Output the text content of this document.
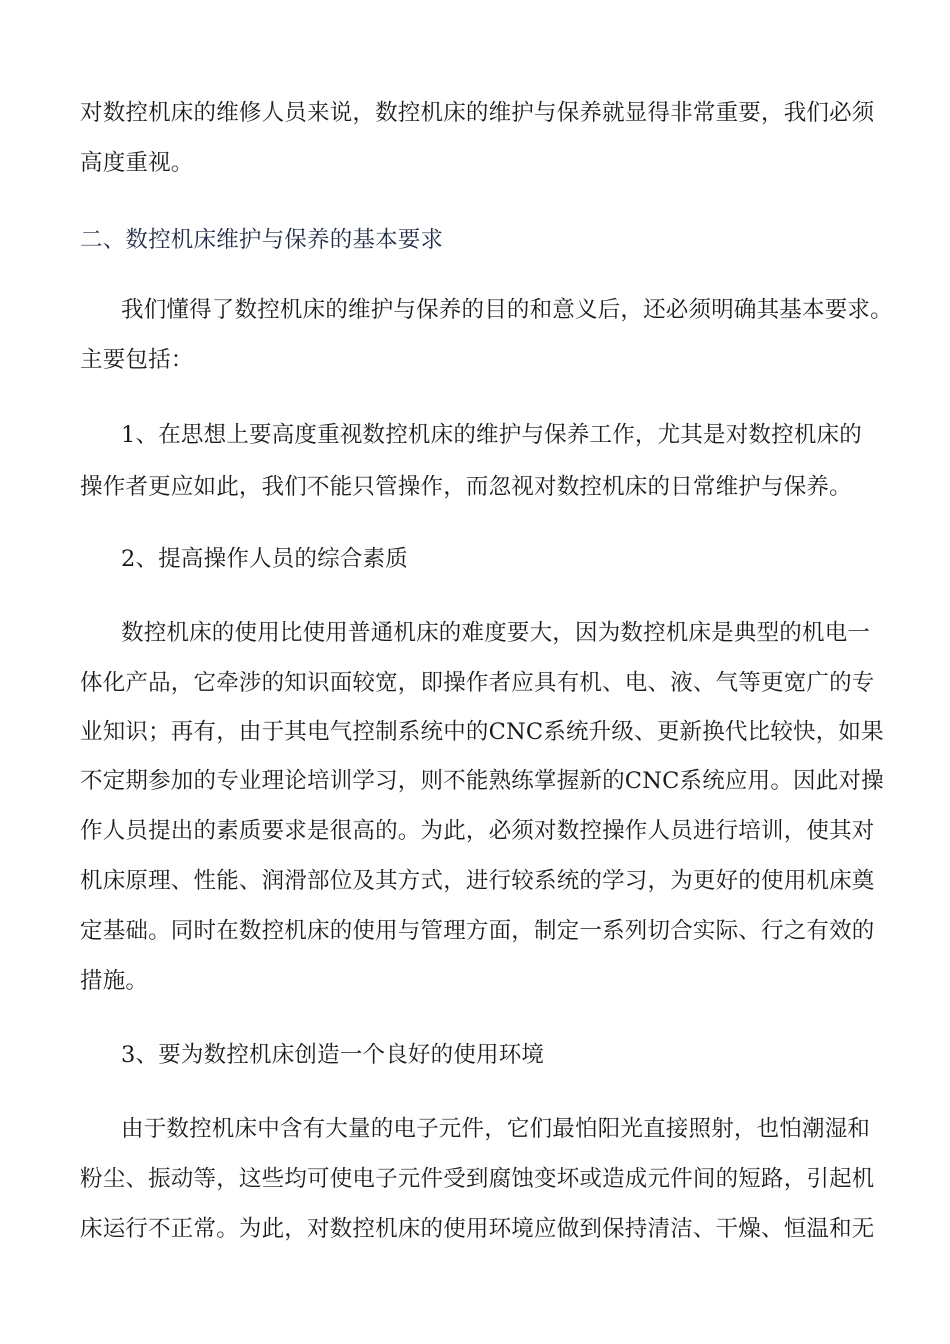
对数控机床的维修人员来说，数控机床的维护与保养就显得非常重要，我们必须
高度重视。
二、数控机床维护与保养的基本要求
我们懂得了数控机床的维护与保养的目的和意义后，还必须明确其基本要求。
主要包括：
1、在思想上要高度重视数控机床的维护与保养工作，尤其是对数控机床的
操作者更应如此，我们不能只管操作，而忽视对数控机床的日常维护与保养。
2、提高操作人员的综合素质
数控机床的使用比使用普通机床的难度要大，因为数控机床是典型的机电一
体化产品，它牵涉的知识面较宽，即操作者应具有机、电、液、气等更宽广的专
业知识；再有，由于其电气控制系统中的CNC系统升级、更新换代比较快，如果
不定期参加的专业理论培训学习，则不能熟练掌握新的CNC系统应用。因此对操
作人员提出的素质要求是很高的。为此，必须对数控操作人员进行培训，使其对
机床原理、性能、润滑部位及其方式，进行较系统的学习，为更好的使用机床奠
定基础。同时在数控机床的使用与管理方面，制定一系列切合实际、行之有效的
措施。
3、要为数控机床创造一个良好的使用环境
由于数控机床中含有大量的电子元件，它们最怕阳光直接照射，也怕潮湿和
粉尘、振动等，这些均可使电子元件受到腐蚀变坏或造成元件间的短路，引起机
床运行不正常。为此，对数控机床的使用环境应做到保持清洁、干燥、恒温和无
